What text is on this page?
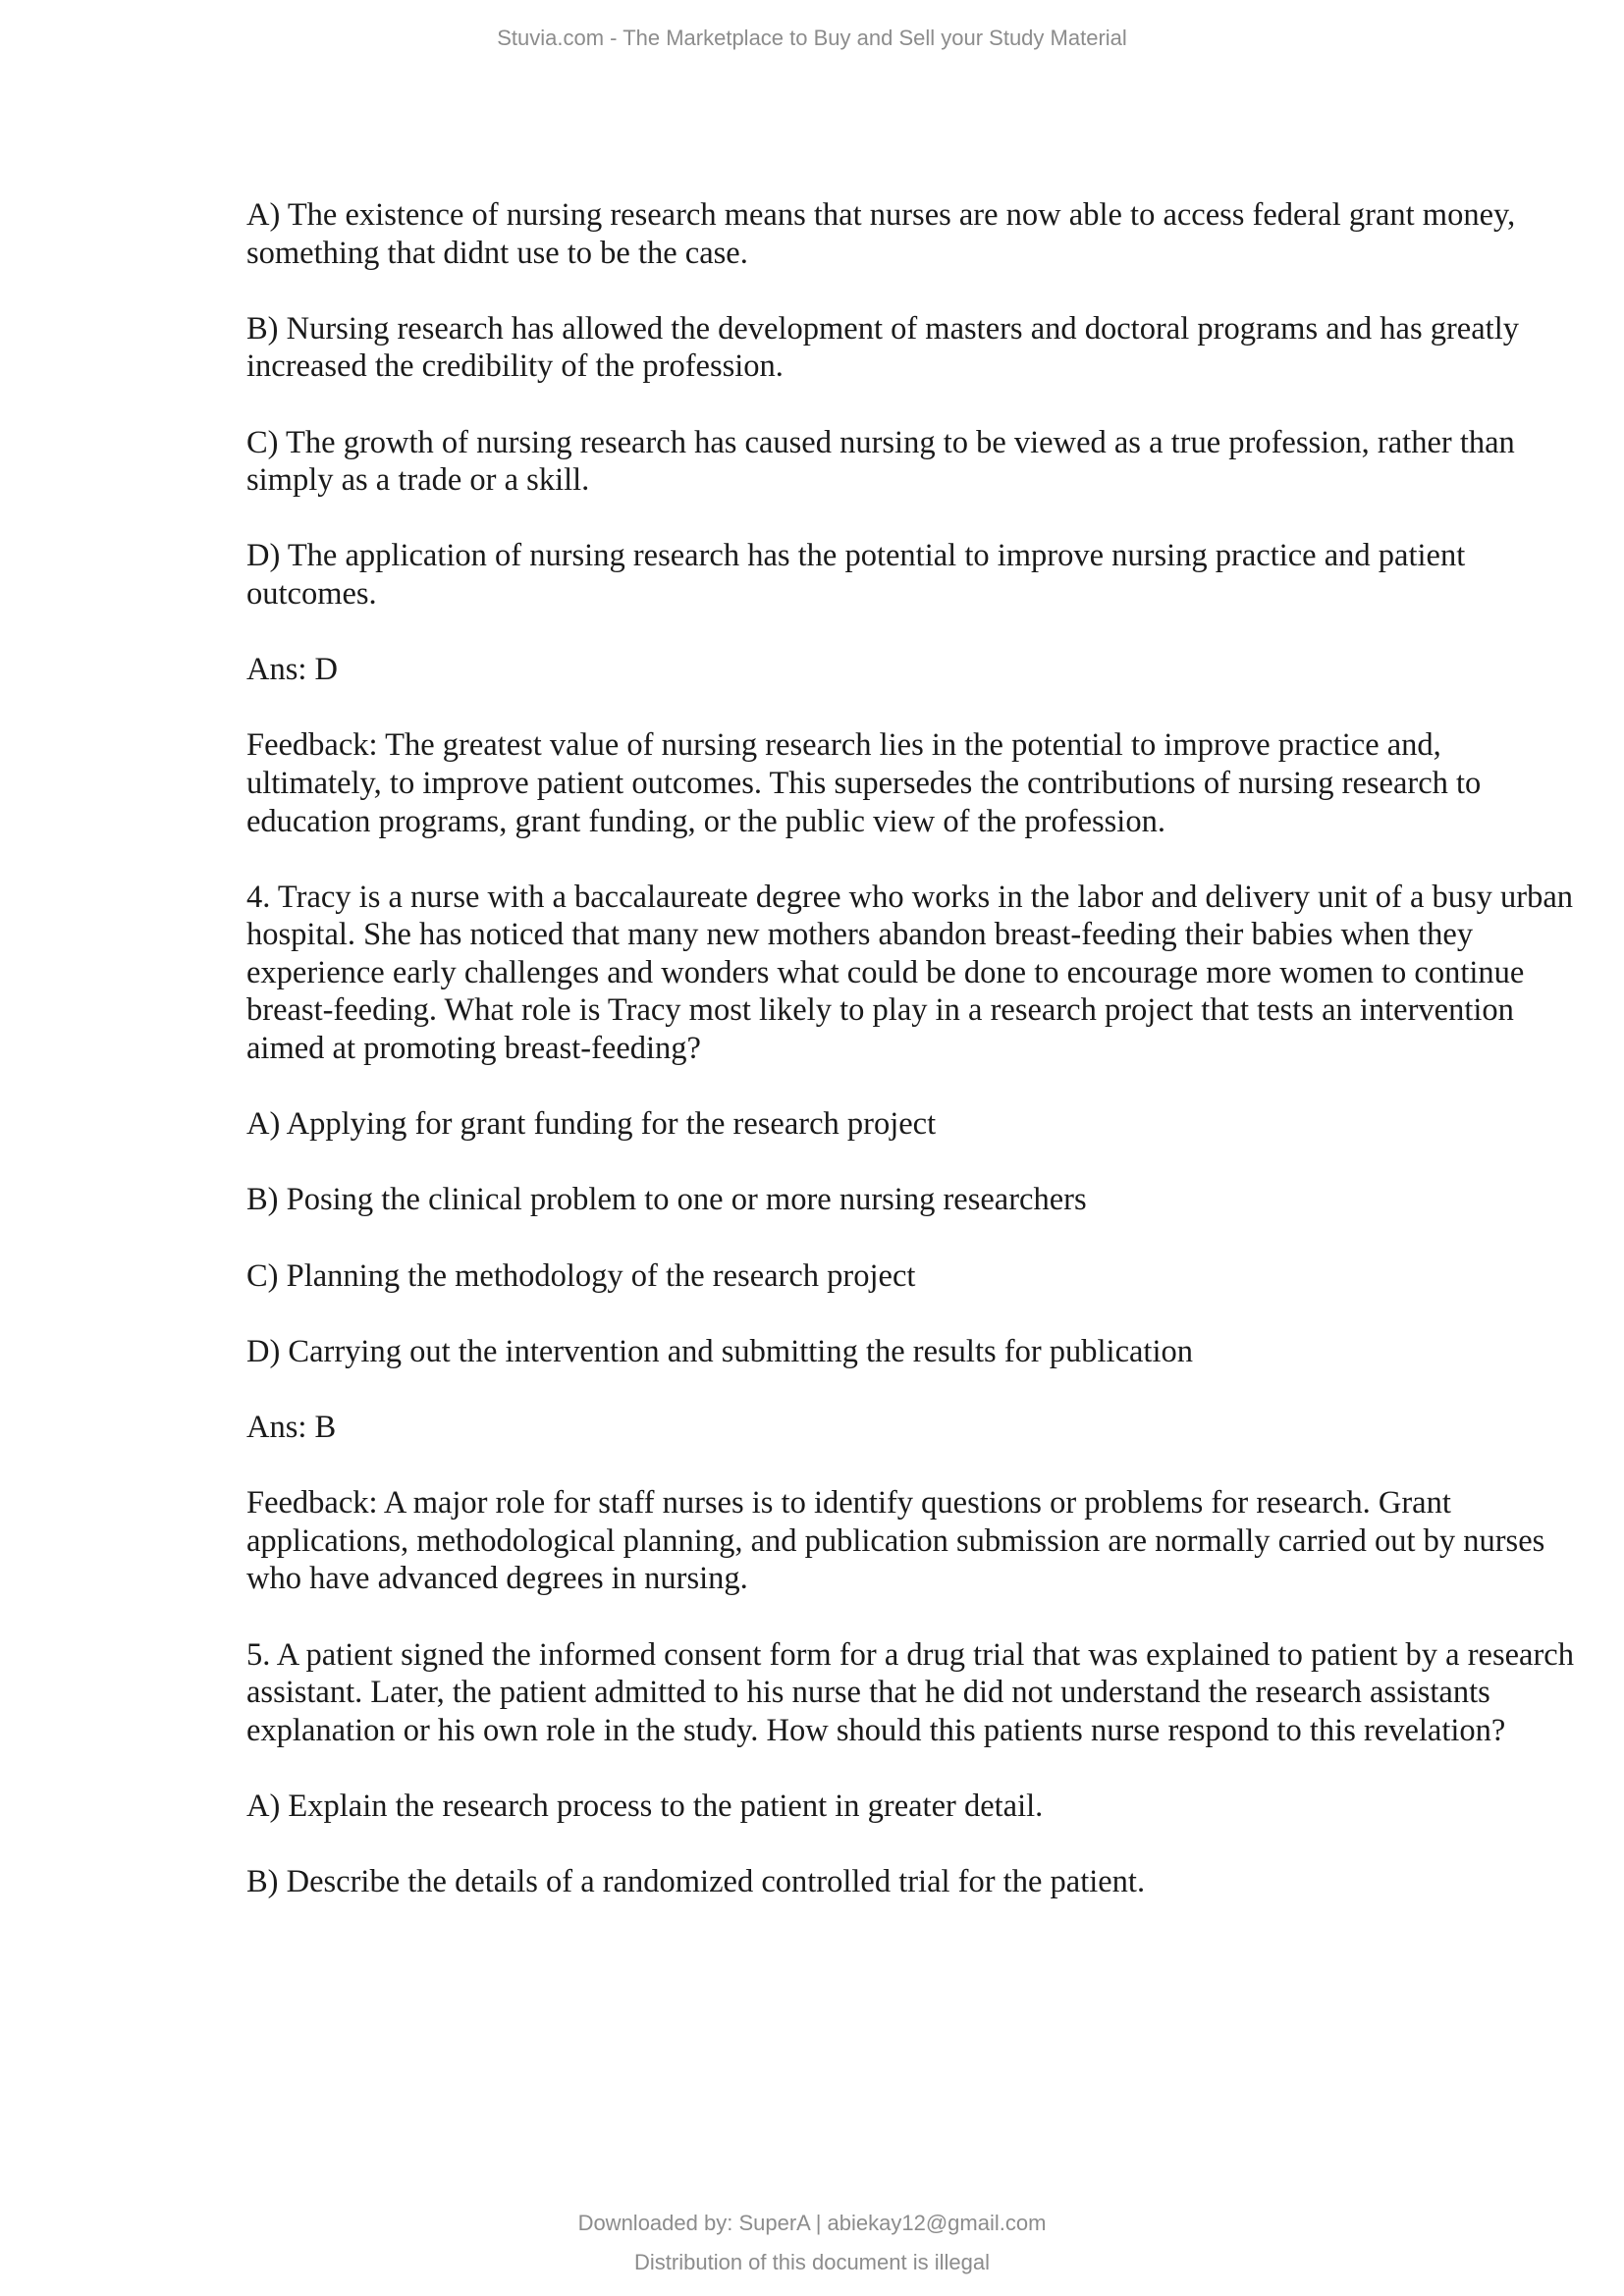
Stuvia.com - The Marketplace to Buy and Sell your Study Material

A) The existence of nursing research means that nurses are now able to access federal grant money, something that didnt use to be the case.

B) Nursing research has allowed the development of masters and doctoral programs and has greatly increased the credibility of the profession.

C) The growth of nursing research has caused nursing to be viewed as a true profession, rather than simply as a trade or a skill.

D) The application of nursing research has the potential to improve nursing practice and patient outcomes.

Ans: D

Feedback: The greatest value of nursing research lies in the potential to improve practice and, ultimately, to improve patient outcomes. This supersedes the contributions of nursing research to education programs, grant funding, or the public view of the profession.

4. Tracy is a nurse with a baccalaureate degree who works in the labor and delivery unit of a busy urban hospital. She has noticed that many new mothers abandon breast-feeding their babies when they experience early challenges and wonders what could be done to encourage more women to continue breast-feeding. What role is Tracy most likely to play in a research project that tests an intervention aimed at promoting breast-feeding?

A) Applying for grant funding for the research project

B) Posing the clinical problem to one or more nursing researchers

C) Planning the methodology of the research project

D) Carrying out the intervention and submitting the results for publication

Ans: B

Feedback: A major role for staff nurses is to identify questions or problems for research. Grant applications, methodological planning, and publication submission are normally carried out by nurses who have advanced degrees in nursing.

5. A patient signed the informed consent form for a drug trial that was explained to patient by a research assistant. Later, the patient admitted to his nurse that he did not understand the research assistants explanation or his own role in the study. How should this patients nurse respond to this revelation?

A) Explain the research process to the patient in greater detail.

B) Describe the details of a randomized controlled trial for the patient.

Downloaded by: SuperA | abiekay12@gmail.com
Distribution of this document is illegal
